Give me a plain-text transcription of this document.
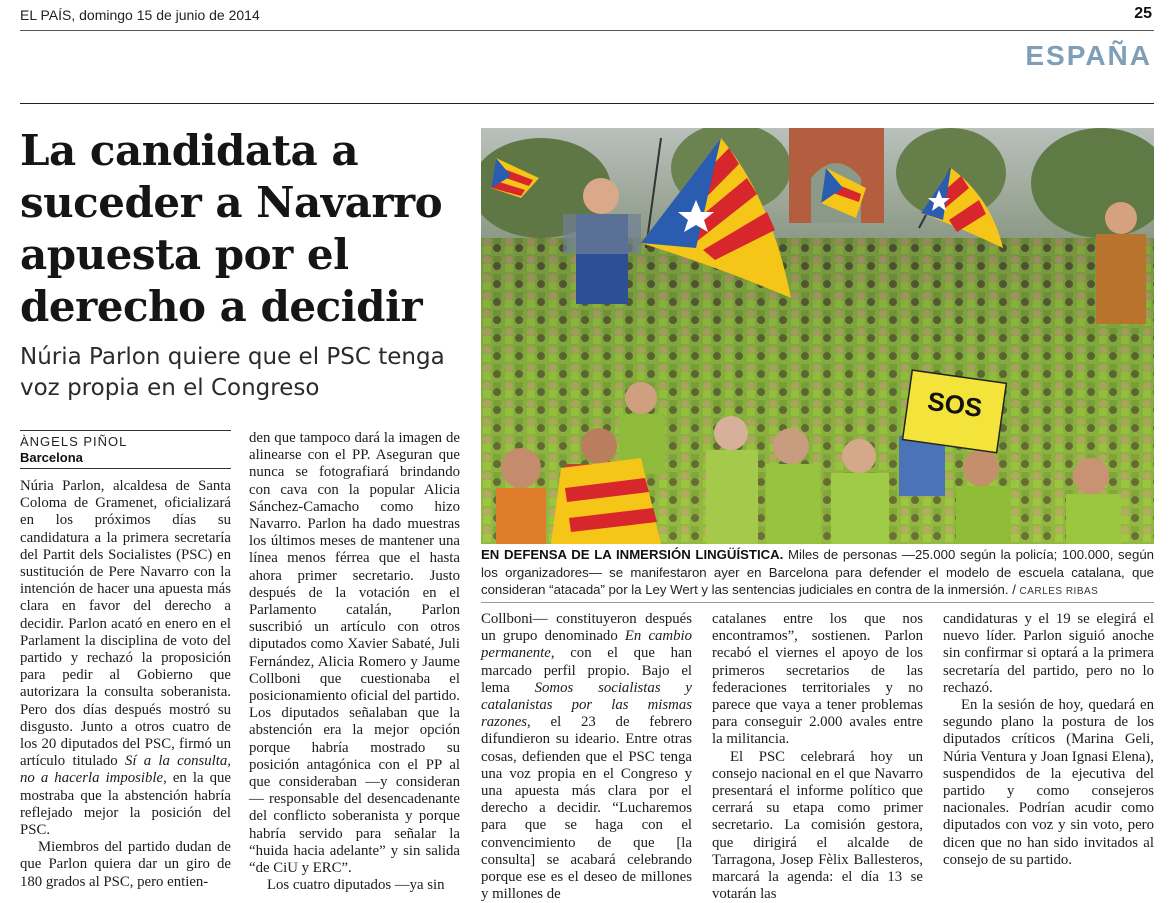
EL PAÍS, domingo 15 de junio de 2014	25
ESPAÑA
La candidata a suceder a Navarro apuesta por el derecho a decidir
Núria Parlon quiere que el PSC tenga voz propia en el Congreso
ÀNGELS PIÑOL
Barcelona

Núria Parlon, alcaldesa de Santa Coloma de Gramenet, oficializará en los próximos días su candidatura a la primera secretaría del Partit dels Socialistes (PSC) en sustitución de Pere Navarro con la intención de hacer una apuesta más clara en favor del derecho a decidir. Parlon acató en enero en el Parlament la disciplina de voto del partido y rechazó la proposición para pedir al Gobierno que autorizara la consulta soberanista. Pero dos días después mostró su disgusto. Junto a otros cuatro de los 20 diputados del PSC, firmó un artículo titulado Sí a la consulta, no a hacerla imposible, en la que mostraba que la abstención habría reflejado mejor la posición del PSC.

Miembros del partido dudan de que Parlon quiera dar un giro de 180 grados al PSC, pero entien-

den que tampoco dará la imagen de alinearse con el PP. Aseguran que nunca se fotografiará brindando con cava con la popular Alicia Sánchez-Camacho como hizo Navarro. Parlon ha dado muestras los últimos meses de mantener una línea menos férrea que el hasta ahora primer secretario. Justo después de la votación en el Parlamento catalán, Parlon suscribió un artículo con otros diputados como Xavier Sabaté, Juli Fernández, Alicia Romero y Jaume Collboni que cuestionaba el posicionamiento oficial del partido. Los diputados señalaban que la abstención era la mejor opción porque habría mostrado su posición antagónica con el PP al que consideraban —y consideran— responsable del desencadenante del conflicto soberanista y porque habría servido para señalar la “huida hacia adelante” y sin salida “de CiU y ERC”.

Los cuatro diputados —ya sin

Collboni— constituyeron después un grupo denominado En cambio permanente, con el que han marcado perfil propio. Bajo el lema Somos socialistas y catalanistas por las mismas razones, el 23 de febrero difundieron su ideario. Entre otras cosas, defienden que el PSC tenga una voz propia en el Congreso y una apuesta más clara por el derecho a decidir. “Lucharemos para que se haga con el convencimiento de que [la consulta] se acabará celebrando porque ese es el deseo de millones y millones de

catalanes entre los que nos encontramos”, sostienen. Parlon recabó el viernes el apoyo de los primeros secretarios de las federaciones territoriales y no parece que vaya a tener problemas para conseguir 2.000 avales entre la militancia.

El PSC celebrará hoy un consejo nacional en el que Navarro presentará el informe político que cerrará su etapa como primer secretario. La comisión gestora, que dirigirá el alcalde de Tarragona, Josep Fèlix Ballesteros, marcará la agenda: el día 13 se votarán las

candidaturas y el 19 se elegirá el nuevo líder. Parlon siguió anoche sin confirmar si optará a la primera secretaría del partido, pero no lo rechazó.

En la sesión de hoy, quedará en segundo plano la postura de los diputados críticos (Marina Geli, Núria Ventura y Joan Ignasi Elena), suspendidos de la ejecutiva del partido y como consejeros nacionales. Podrían acudir como diputados con voz y sin voto, pero dicen que no han sido invitados al consejo de su partido.

SOS
EN DEFENSA DE LA INMERSIÓN LINGÜÍSTICA. Miles de personas —25.000 según la policía; 100.000, según los organizadores— se manifestaron ayer en Barcelona para defender el modelo de escuela catalana, que consideran “atacada” por la Ley Wert y las sentencias judiciales en contra de la inmersión. / CARLES RIBAS
